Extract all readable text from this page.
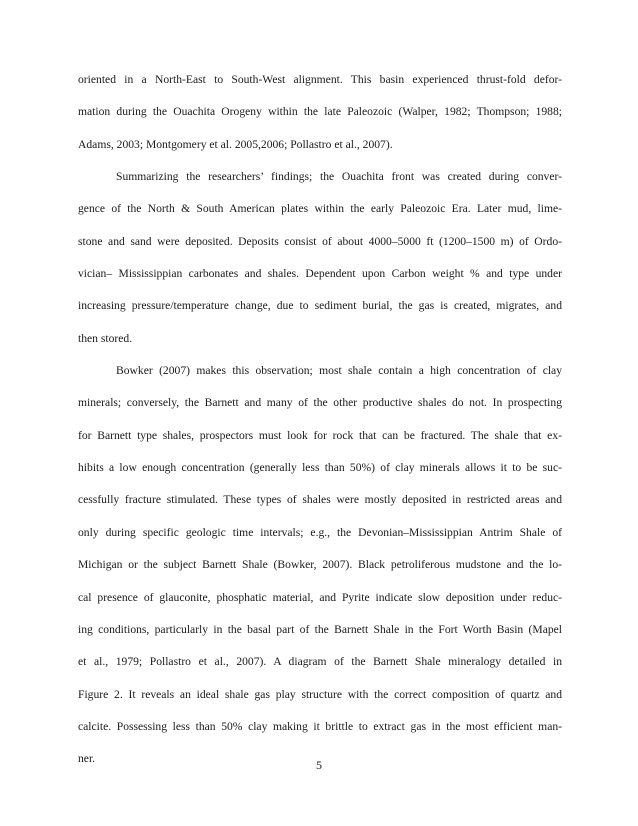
oriented in a North-East to South-West alignment. This basin experienced thrust-fold defor-
mation during the Ouachita Orogeny within the late Paleozoic (Walper, 1982; Thompson; 1988;
Adams, 2003; Montgomery et al. 2005,2006; Pollastro et al., 2007).
Summarizing the researchers’ findings; the Ouachita front was created during conver-
gence of the North & South American plates within the early Paleozoic Era. Later mud, lime-
stone and sand were deposited. Deposits consist of about 4000–5000 ft (1200–1500 m) of Ordo-
vician– Mississippian carbonates and shales. Dependent upon Carbon weight % and type under
increasing pressure/temperature change, due to sediment burial, the gas is created, migrates, and
then stored.
Bowker (2007) makes this observation; most shale contain a high concentration of clay
minerals; conversely, the Barnett and many of the other productive shales do not. In prospecting
for Barnett type shales, prospectors must look for rock that can be fractured. The shale that ex-
hibits a low enough concentration (generally less than 50%) of clay minerals allows it to be suc-
cessfully fracture stimulated. These types of shales were mostly deposited in restricted areas and
only during specific geologic time intervals; e.g., the Devonian–Mississippian Antrim Shale of
Michigan or the subject Barnett Shale (Bowker, 2007). Black petroliferous mudstone and the lo-
cal presence of glauconite, phosphatic material, and Pyrite indicate slow deposition under reduc-
ing conditions, particularly in the basal part of the Barnett Shale in the Fort Worth Basin (Mapel
et al., 1979; Pollastro et al., 2007). A diagram of the Barnett Shale mineralogy detailed in
Figure 2. It reveals an ideal shale gas play structure with the correct composition of quartz and
calcite. Possessing less than 50% clay making it brittle to extract gas in the most efficient man-
ner.	5
